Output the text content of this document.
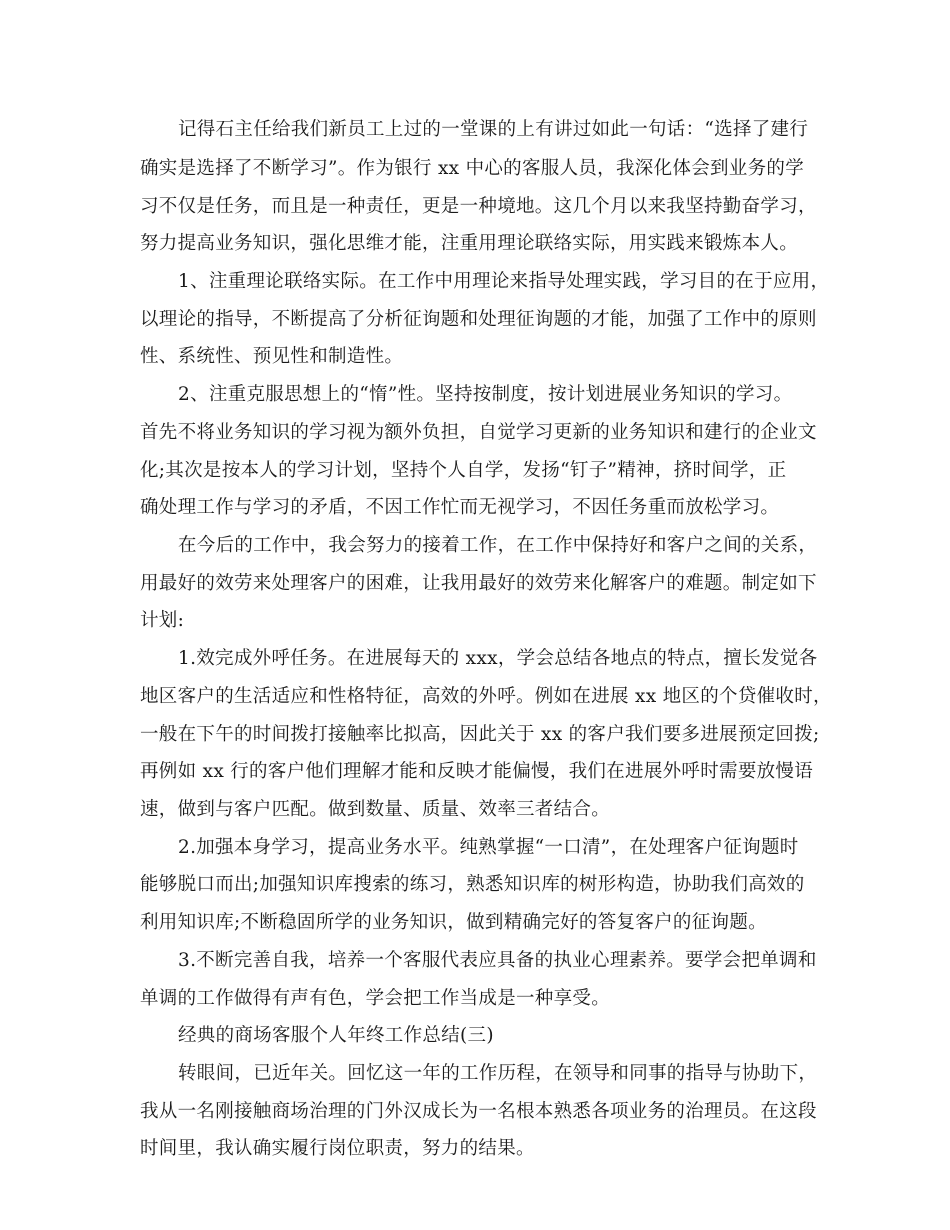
记得石主任给我们新员工上过的一堂课的上有讲过如此一句话：“选择了建行
确实是选择了不断学习”。作为银行 xx 中心的客服人员，我深化体会到业务的学
习不仅是任务，而且是一种责任，更是一种境地。这几个月以来我坚持勤奋学习，
努力提高业务知识，强化思维才能，注重用理论联络实际，用实践来锻炼本人。
1、注重理论联络实际。在工作中用理论来指导处理实践，学习目的在于应用，
以理论的指导，不断提高了分析征询题和处理征询题的才能，加强了工作中的原则
性、系统性、预见性和制造性。
2、注重克服思想上的“惰”性。坚持按制度，按计划进展业务知识的学习。
首先不将业务知识的学习视为额外负担，自觉学习更新的业务知识和建行的企业文
化;其次是按本人的学习计划，坚持个人自学，发扬“钉子”精神，挤时间学，正
确处理工作与学习的矛盾，不因工作忙而无视学习，不因任务重而放松学习。
在今后的工作中，我会努力的接着工作，在工作中保持好和客户之间的关系，
用最好的效劳来处理客户的困难，让我用最好的效劳来化解客户的难题。制定如下
计划:
1.效完成外呼任务。在进展每天的 xxx，学会总结各地点的特点，擅长发觉各
地区客户的生活适应和性格特征，高效的外呼。例如在进展 xx 地区的个贷催收时，
一般在下午的时间拨打接触率比拟高，因此关于 xx 的客户我们要多进展预定回拨;
再例如 xx 行的客户他们理解才能和反映才能偏慢，我们在进展外呼时需要放慢语
速，做到与客户匹配。做到数量、质量、效率三者结合。
2.加强本身学习，提高业务水平。纯熟掌握“一口清”，在处理客户征询题时
能够脱口而出;加强知识库搜索的练习，熟悉知识库的树形构造，协助我们高效的
利用知识库;不断稳固所学的业务知识，做到精确完好的答复客户的征询题。
3.不断完善自我，培养一个客服代表应具备的执业心理素养。要学会把单调和
单调的工作做得有声有色，学会把工作当成是一种享受。
经典的商场客服个人年终工作总结(三)
转眼间，已近年关。回忆这一年的工作历程，在领导和同事的指导与协助下，
我从一名刚接触商场治理的门外汉成长为一名根本熟悉各项业务的治理员。在这段
时间里，我认确实履行岗位职责，努力的结果。
